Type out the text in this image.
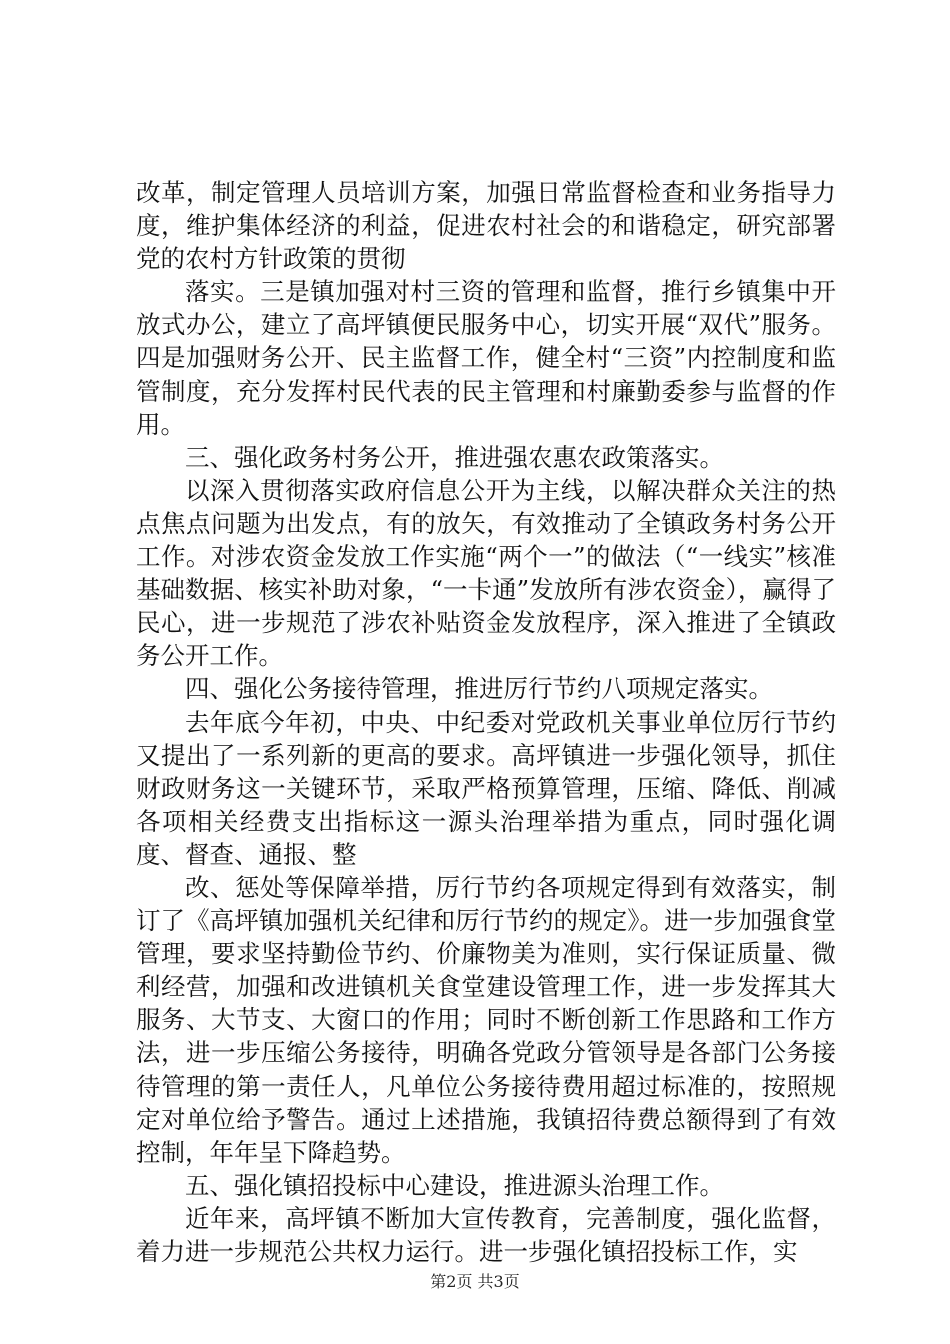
改革，制定管理人员培训方案，加强日常监督检查和业务指导力度，维护集体经济的利益，促进农村社会的和谐稳定，研究部署党的农村方针政策的贯彻

落实。三是镇加强对村三资的管理和监督，推行乡镇集中开放式办公，建立了高坪镇便民服务中心，切实开展“双代”服务。四是加强财务公开、民主监督工作，健全村“三资”内控制度和监管制度，充分发挥村民代表的民主管理和村廉勤委参与监督的作用。

三、强化政务村务公开，推进强农惠农政策落实。

以深入贯彻落实政府信息公开为主线，以解决群众关注的热点焦点问题为出发点，有的放矢，有效推动了全镇政务村务公开工作。对涉农资金发放工作实施“两个一”的做法（“一线实”核准基础数据、核实补助对象，“一卡通”发放所有涉农资金），赢得了民心，进一步规范了涉农补贴资金发放程序，深入推进了全镇政务公开工作。

四、强化公务接待管理，推进厉行节约八项规定落实。

去年底今年初，中央、中纪委对党政机关事业单位厉行节约又提出了一系列新的更高的要求。高坪镇进一步强化领导，抓住财政财务这一关键环节，采取严格预算管理，压缩、降低、削减各项相关经费支出指标这一源头治理举措为重点，同时强化调度、督查、通报、整

改、惩处等保障举措，厉行节约各项规定得到有效落实，制订了《高坪镇加强机关纪律和厉行节约的规定》。进一步加强食堂管理，要求坚持勤俭节约、价廉物美为准则，实行保证质量、微利经营，加强和改进镇机关食堂建设管理工作，进一步发挥其大服务、大节支、大窗口的作用；同时不断创新工作思路和工作方法，进一步压缩公务接待，明确各党政分管领导是各部门公务接待管理的第一责任人，凡单位公务接待费用超过标准的，按照规定对单位给予警告。通过上述措施，我镇招待费总额得到了有效控制，年年呈下降趋势。

五、强化镇招投标中心建设，推进源头治理工作。

近年来，高坪镇不断加大宣传教育，完善制度，强化监督，着力进一步规范公共权力运行。进一步强化镇招投标工作，实

第2页 共3页
